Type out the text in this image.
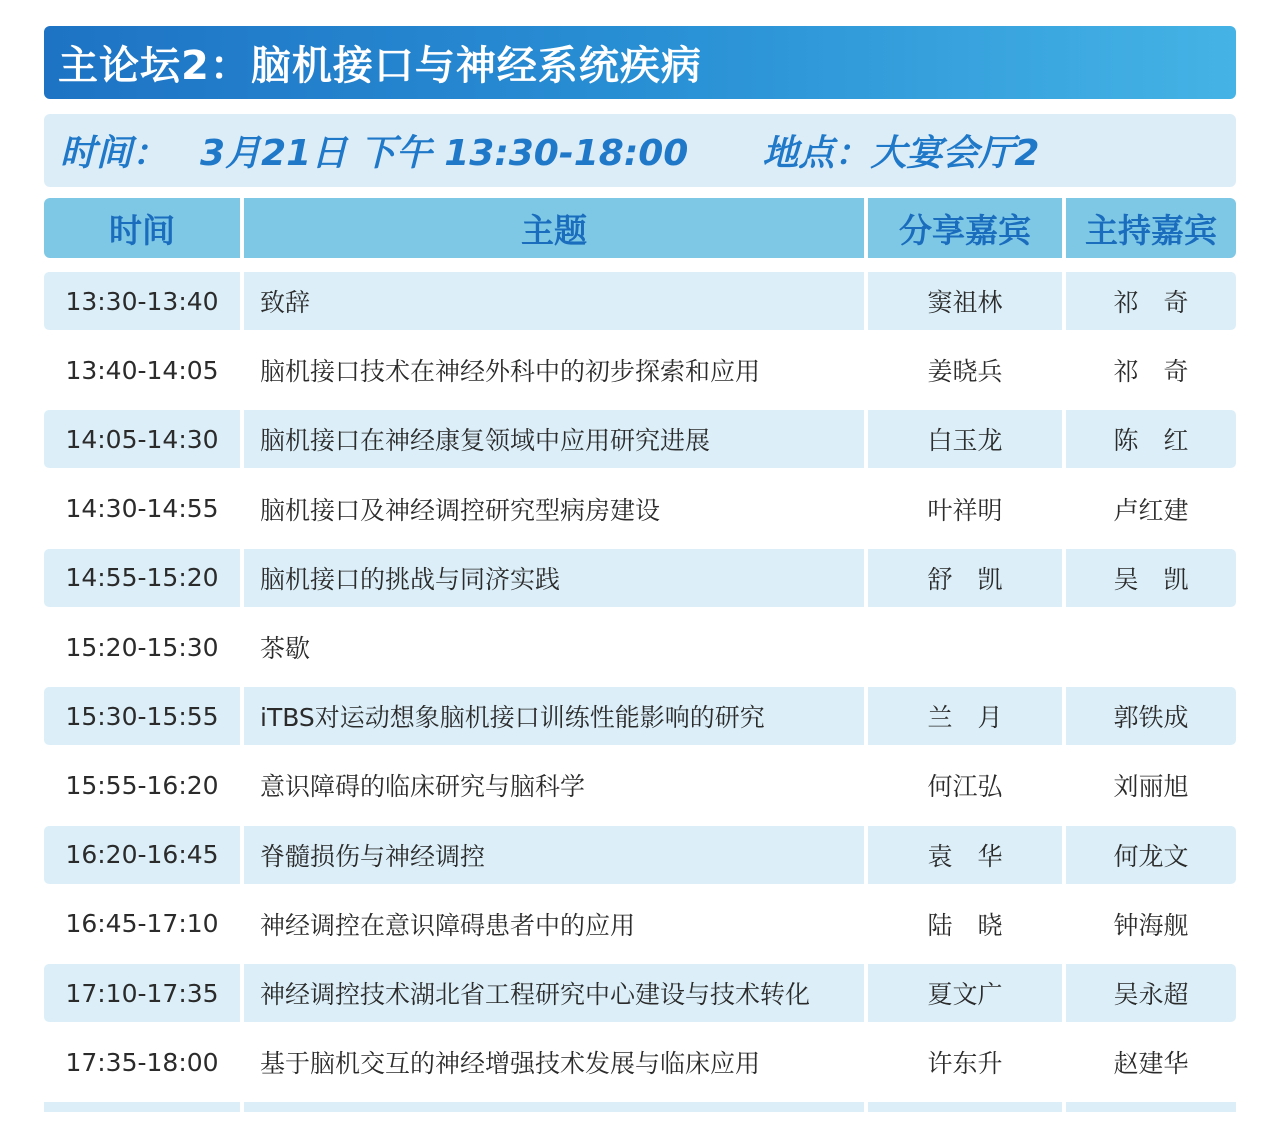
主论坛2：脑机接口与神经系统疾病
时间： 3月21日 下午 13:30-18:00 地点： 大宴会厅2
时间	主题	分享嘉宾	主持嘉宾
13:30-13:40	致辞	窦祖林	祁　奇
13:40-14:05	脑机接口技术在神经外科中的初步探索和应用	姜晓兵	祁　奇
14:05-14:30	脑机接口在神经康复领域中应用研究进展	白玉龙	陈　红
14:30-14:55	脑机接口及神经调控研究型病房建设	叶祥明	卢红建
14:55-15:20	脑机接口的挑战与同济实践	舒　凯	吴　凯
15:20-15:30	茶歇
15:30-15:55	iTBS对运动想象脑机接口训练性能影响的研究	兰　月	郭铁成
15:55-16:20	意识障碍的临床研究与脑科学	何江弘	刘丽旭
16:20-16:45	脊髓损伤与神经调控	袁　华	何龙文
16:45-17:10	神经调控在意识障碍患者中的应用	陆　晓	钟海舰
17:10-17:35	神经调控技术湖北省工程研究中心建设与技术转化	夏文广	吴永超
17:35-18:00	基于脑机交互的神经增强技术发展与临床应用	许东升	赵建华
